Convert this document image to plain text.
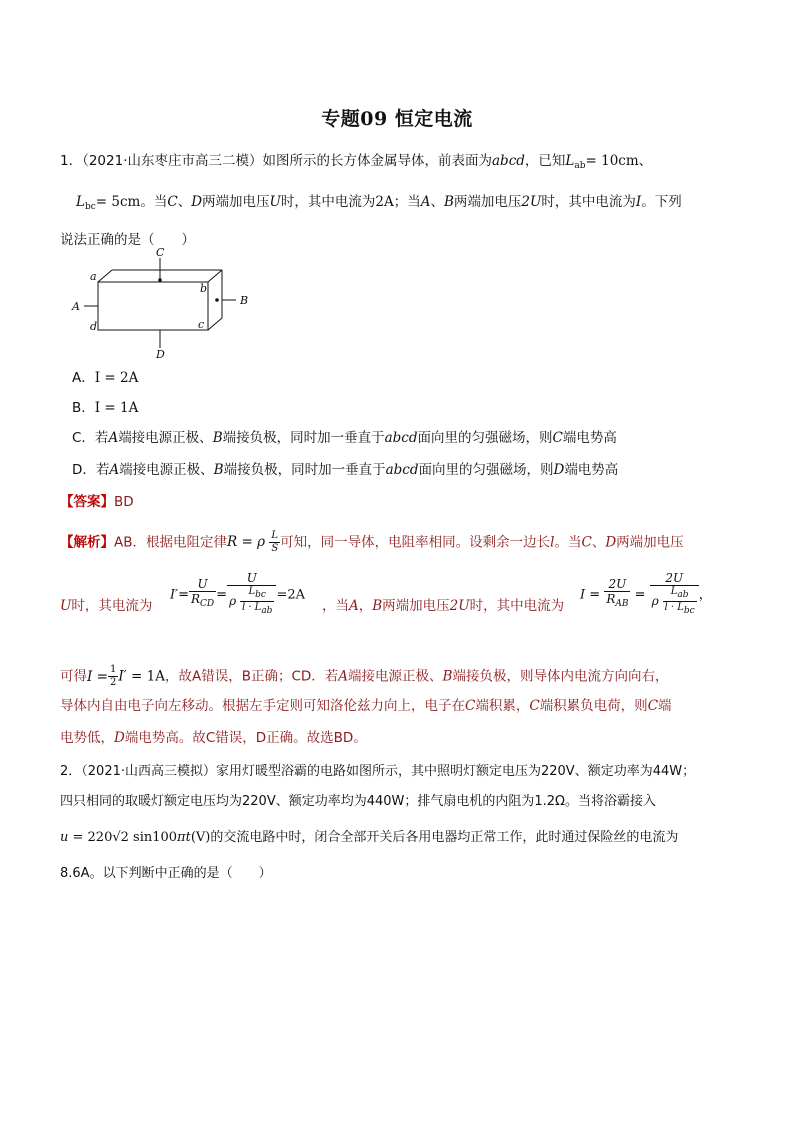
专题09 恒定电流
1．（2021·山东枣庄市高三二模）如图所示的长方体金属导体，前表面为abcd，已知$L_{ab}= 10cm$、
$L_{bc}= 5cm$。当C、D两端加电压U时，其中电流为2A；当A、B两端加电压2U时，其中电流为I。下列
说法正确的是（　　）
C
D
A	B
a
b
c
d
A．I = 2A
B．I = 1A
C．若A端接电源正极、B端接负极，同时加一垂直于abcd面向里的匀强磁场，则C端电势高
D．若A端接电源正极、B端接负极，同时加一垂直于abcd面向里的匀强磁场，则D端电势高
【答案】BD
【解析】AB．根据电阻定律R = ρ $\frac{L}{S}$ 可知，同一导体，电阻率相同。设剩余一边长l。当C、D两端加电压
U时，其电流为
$I'= \frac{U}{R_{CD}} = \frac{U}{\rho \frac{L_{bc}}{l \cdot L_{ab}}} =2A$
，当A，B两端加电压2U时，其中电流为
$I = \frac{2U}{R_{AB}} = \frac{2U}{\rho \frac{L_{ab}}{l \cdot L_{bc}}}$ ，
可得$I = \frac{1}{2} I' = 1A$，故A错误，B正确；CD．若A端接电源正极、B端接负极，则导体内电流方向向右，
导体内自由电子向左移动。根据左手定则可知洛伦兹力向上，电子在C端积累，C端积累负电荷，则C端
电势低，D端电势高。故C错误，D正确。故选BD。
2．（2021·山西高三模拟）家用灯暖型浴霸的电路如图所示，其中照明灯额定电压为220V、额定功率为44W；
四只相同的取暖灯额定电压均为220V、额定功率均为440W；排气扇电机的内阻为1.2Ω。当将浴霸接入
u = 220√2 sin100πt(V)的交流电路中时，闭合全部开关后各用电器均正常工作，此时通过保险丝的电流为
8.6A。以下判断中正确的是（　　）
